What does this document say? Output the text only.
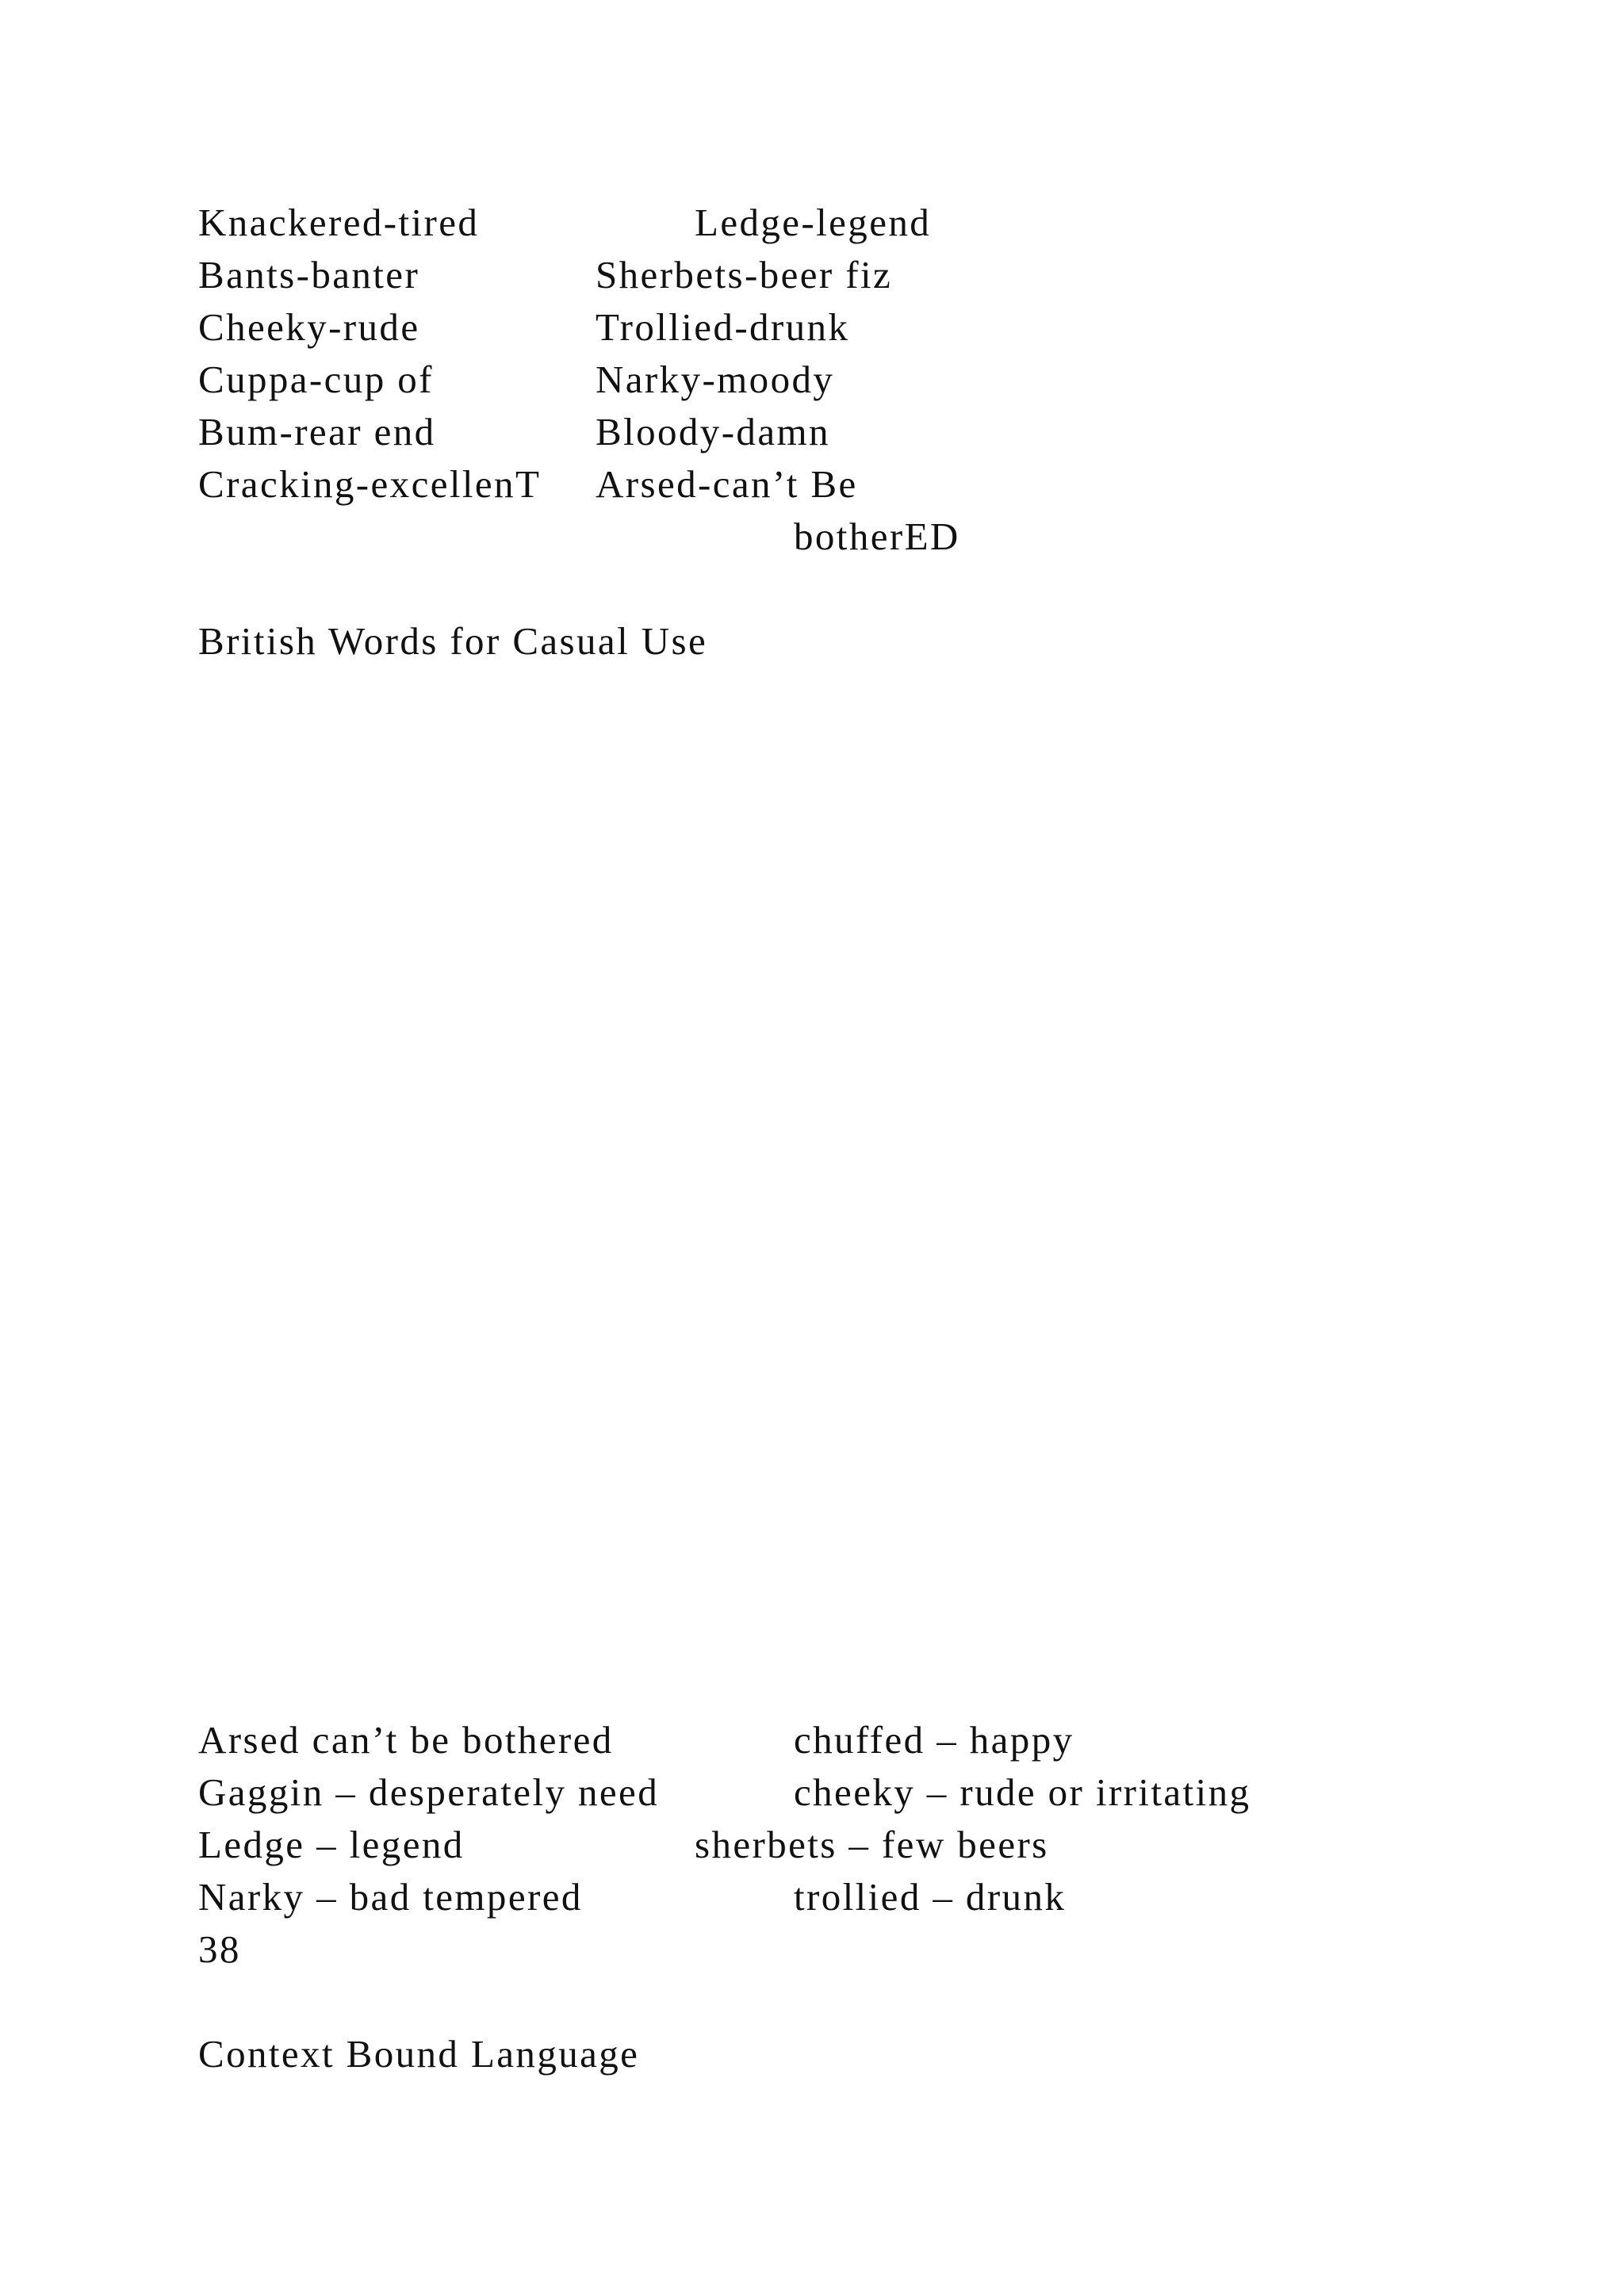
Knackered-tired

Bants-banter

Cheeky-rude

Cuppa-cup of

Bum-rear end

Cracking-excellenT

Ledge-legend

Sherbets-beer fiz

Trollied-drunk

Narky-moody

Bloody-damn

Arsed-can’t Be

botherED

British Words for Casual Use

Arsed can’t be bothered

Gaggin – desperately need

Ledge – legend

Narky – bad tempered

chuffed – happy

cheeky – rude or irritating

sherbets – few beers

trollied – drunk

38

Context Bound Language
